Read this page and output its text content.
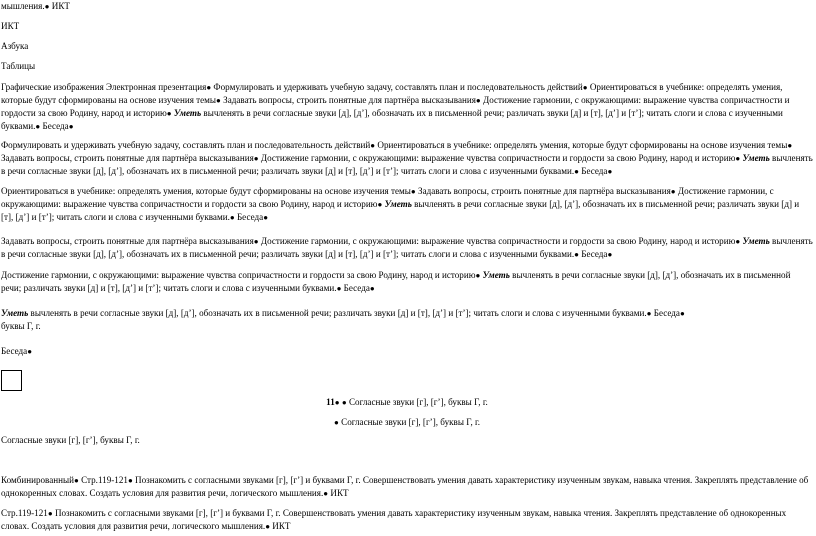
мышления.● ИКТ

ИКТ

Азбука

Таблицы

Графические изображения Электронная презентация● Формулировать и удерживать учебную задачу, составлять план и последовательность действий● Ориентироваться в учебнике: определять умения, которые будут сформированы на основе изучения темы● Задавать вопросы, строить понятные для партнёра высказывания● Достижение гармонии, с окружающими: выражение чувства сопричастности и гордости за свою Родину, народ и историю● Уметь вычленять в речи согласные звуки [д], [д’], обозначать их в письменной речи; различать звуки [д] и [т], [д’] и [т’]; читать слоги и слова с изученными буквами.● Беседа●

Формулировать и удерживать учебную задачу, составлять план и последовательность действий● Ориентироваться в учебнике: определять умения, которые будут сформированы на основе изучения темы● Задавать вопросы, строить понятные для партнёра высказывания● Достижение гармонии, с окружающими: выражение чувства сопричастности и гордости за свою Родину, народ и историю● Уметь вычленять в речи согласные звуки [д], [д’], обозначать их в письменной речи; различать звуки [д] и [т], [д’] и [т’]; читать слоги и слова с изученными буквами.● Беседа●

Ориентироваться в учебнике: определять умения, которые будут сформированы на основе изучения темы● Задавать вопросы, строить понятные для партнёра высказывания● Достижение гармонии, с окружающими: выражение чувства сопричастности и гордости за свою Родину, народ и историю● Уметь вычленять в речи согласные звуки [д], [д’], обозначать их в письменной речи; различать звуки [д] и [т], [д’] и [т’]; читать слоги и слова с изученными буквами.● Беседа●

Задавать вопросы, строить понятные для партнёра высказывания● Достижение гармонии, с окружающими: выражение чувства сопричастности и гордости за свою Родину, народ и историю● Уметь вычленять в речи согласные звуки [д], [д’], обозначать их в письменной речи; различать звуки [д] и [т], [д’] и [т’]; читать слоги и слова с изученными буквами.● Беседа●

Достижение гармонии, с окружающими: выражение чувства сопричастности и гордости за свою Родину, народ и историю● Уметь вычленять в речи согласные звуки [д], [д’], обозначать их в письменной речи; различать звуки [д] и [т], [д’] и [т’]; читать слоги и слова с изученными буквами.● Беседа●

Уметь вычленять в речи согласные звуки [д], [д’], обозначать их в письменной речи; различать звуки [д] и [т], [д’] и [т’]; читать слоги и слова с изученными буквами.● Беседа●
буквы Г, г.

Беседа●

11● ● Согласные звуки [г], [г’], буквы Г, г.

● Согласные звуки [г], [г’], буквы Г, г.

Согласные звуки [г], [г’], буквы Г, г.

Комбинированный● Стр.119-121● Познакомить с согласными звуками [г], [г’] и буквами Г, г. Совершенствовать умения давать характеристику изученным звукам, навыка чтения. Закреплять представление об однокоренных словах. Создать условия для развития речи, логического мышления.● ИКТ

Стр.119-121● Познакомить с согласными звуками [г], [г’] и буквами Г, г. Совершенствовать умения давать характеристику изученным звукам, навыка чтения. Закреплять представление об однокоренных словах. Создать условия для развития речи, логического мышления.● ИКТ
